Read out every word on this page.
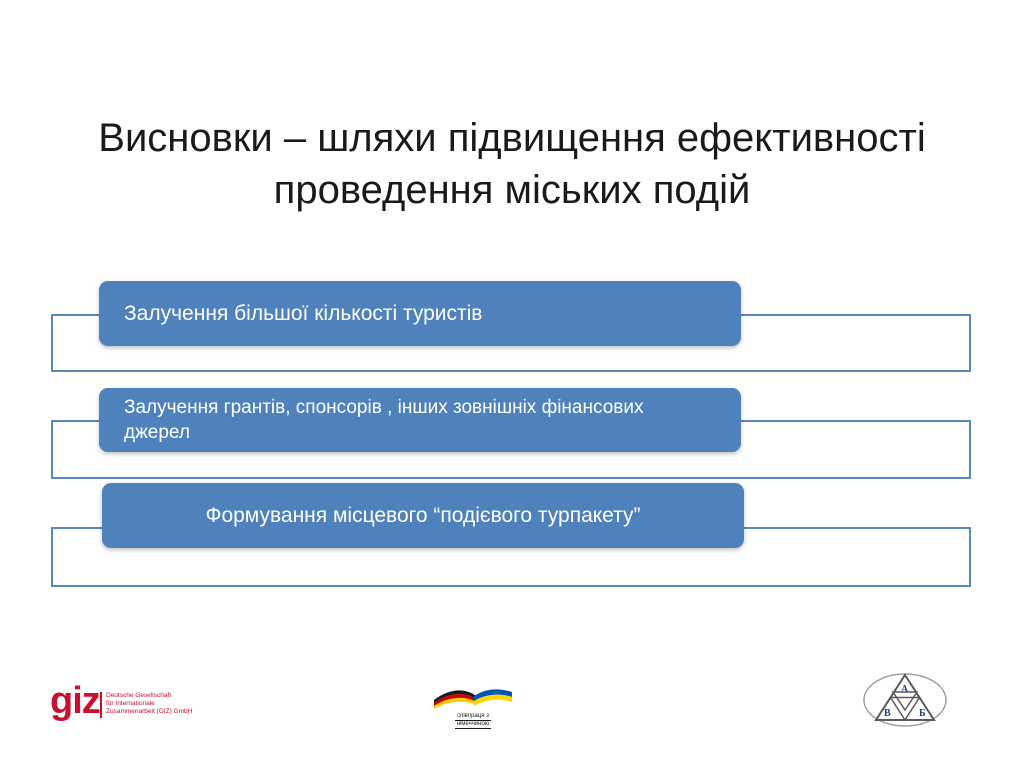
Висновки – шляхи підвищення ефективності
проведення міських подій
Залучення більшої кількості туристів
Залучення грантів, спонсорів , інших зовнішніх фінансових джерел
Формування місцевого “подієвого турпакету”
giz Deutsche Gesellschaft
für Internationale
Zusammenarbeit (GIZ) GmbH
співпраця з
німеччиною
А
В	Б
